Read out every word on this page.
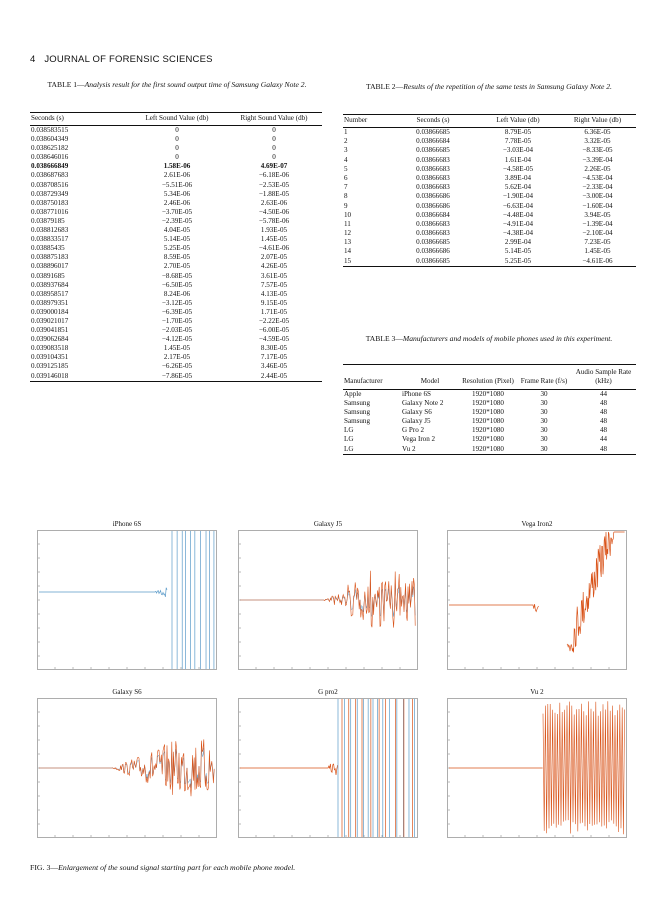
4 JOURNAL OF FORENSIC SCIENCES
TABLE 1—Analysis result for the first sound output time of Samsung Galaxy Note 2.
Seconds (s)	Left Sound Value (db)	Right Sound Value (db)
0.038583515	0	0
0.038604349	0	0
0.038625182	0	0
0.038646016	0	0
0.038666849	1.58E-06	4.69E-07
0.038687683	2.61E-06	−6.18E-06
0.038708516	−5.51E-06	−2.53E-05
0.038729349	5.34E-06	−1.88E-05
0.038750183	2.46E-06	2.63E-06
0.038771016	−3.70E-05	−4.50E-06
0.03879185	−2.39E-05	−5.78E-06
0.038812683	4.04E-05	1.93E-05
0.038833517	5.14E-05	1.45E-05
0.03885435	5.25E-05	−4.61E-06
0.038875183	8.59E-05	2.07E-05
0.038896017	2.70E-05	4.26E-05
0.03891685	−8.68E-05	3.61E-05
0.038937684	−6.50E-05	7.57E-05
0.038958517	8.24E-06	4.13E-05
0.038979351	−3.12E-05	9.15E-05
0.039000184	−6.39E-05	1.71E-05
0.039021017	−1.70E-05	−2.22E-05
0.039041851	−2.03E-05	−6.00E-05
0.039062684	−4.12E-05	−4.59E-05
0.039083518	1.45E-05	8.30E-05
0.039104351	2.17E-05	7.17E-05
0.039125185	−6.26E-05	3.46E-05
0.039146018	−7.86E-05	2.44E-05
TABLE 2—Results of the repetition of the same tests in Samsung Galaxy Note 2.
Number	Seconds (s)	Left Value (db)	Right Value (db)
1	0.03866685	8.79E-05	6.36E-05
2	0.03866684	7.78E-05	3.32E-05
3	0.03866685	−3.03E-04	−8.33E-05
4	0.03866683	1.61E-04	−3.39E-04
5	0.03866683	−4.58E-05	2.26E-05
6	0.03866683	3.89E-04	−4.53E-04
7	0.03866683	5.62E-04	−2.33E-04
8	0.03866686	−1.90E-04	−3.00E-04
9	0.03866686	−6.63E-04	−1.60E-04
10	0.03866684	−4.48E-04	3.94E-05
11	0.03866683	−4.91E-04	−1.39E-04
12	0.03866683	−4.38E-04	−2.10E-04
13	0.03866685	2.99E-04	7.23E-05
14	0.03866686	5.14E-05	1.45E-05
15	0.03866685	5.25E-05	−4.61E-06
TABLE 3—Manufacturers and models of mobile phones used in this experiment.
Manufacturer	Model	Resolution (Pixel)	Frame Rate (f/s)	Audio Sample Rate (kHz)
Apple	iPhone 6S	1920*1080	30	44
Samsung	Galaxy Note 2	1920*1080	30	48
Samsung	Galaxy S6	1920*1080	30	48
Samsung	Galaxy J5	1920*1080	30	48
LG	G Pro 2	1920*1080	30	48
LG	Vega Iron 2	1920*1080	30	44
LG	Vu 2	1920*1080	30	48
iPhone 6S	Galaxy J5	Vega Iron2
Galaxy S6	G pro2	Vu 2
FIG. 3—Enlargement of the sound signal starting part for each mobile phone model.
